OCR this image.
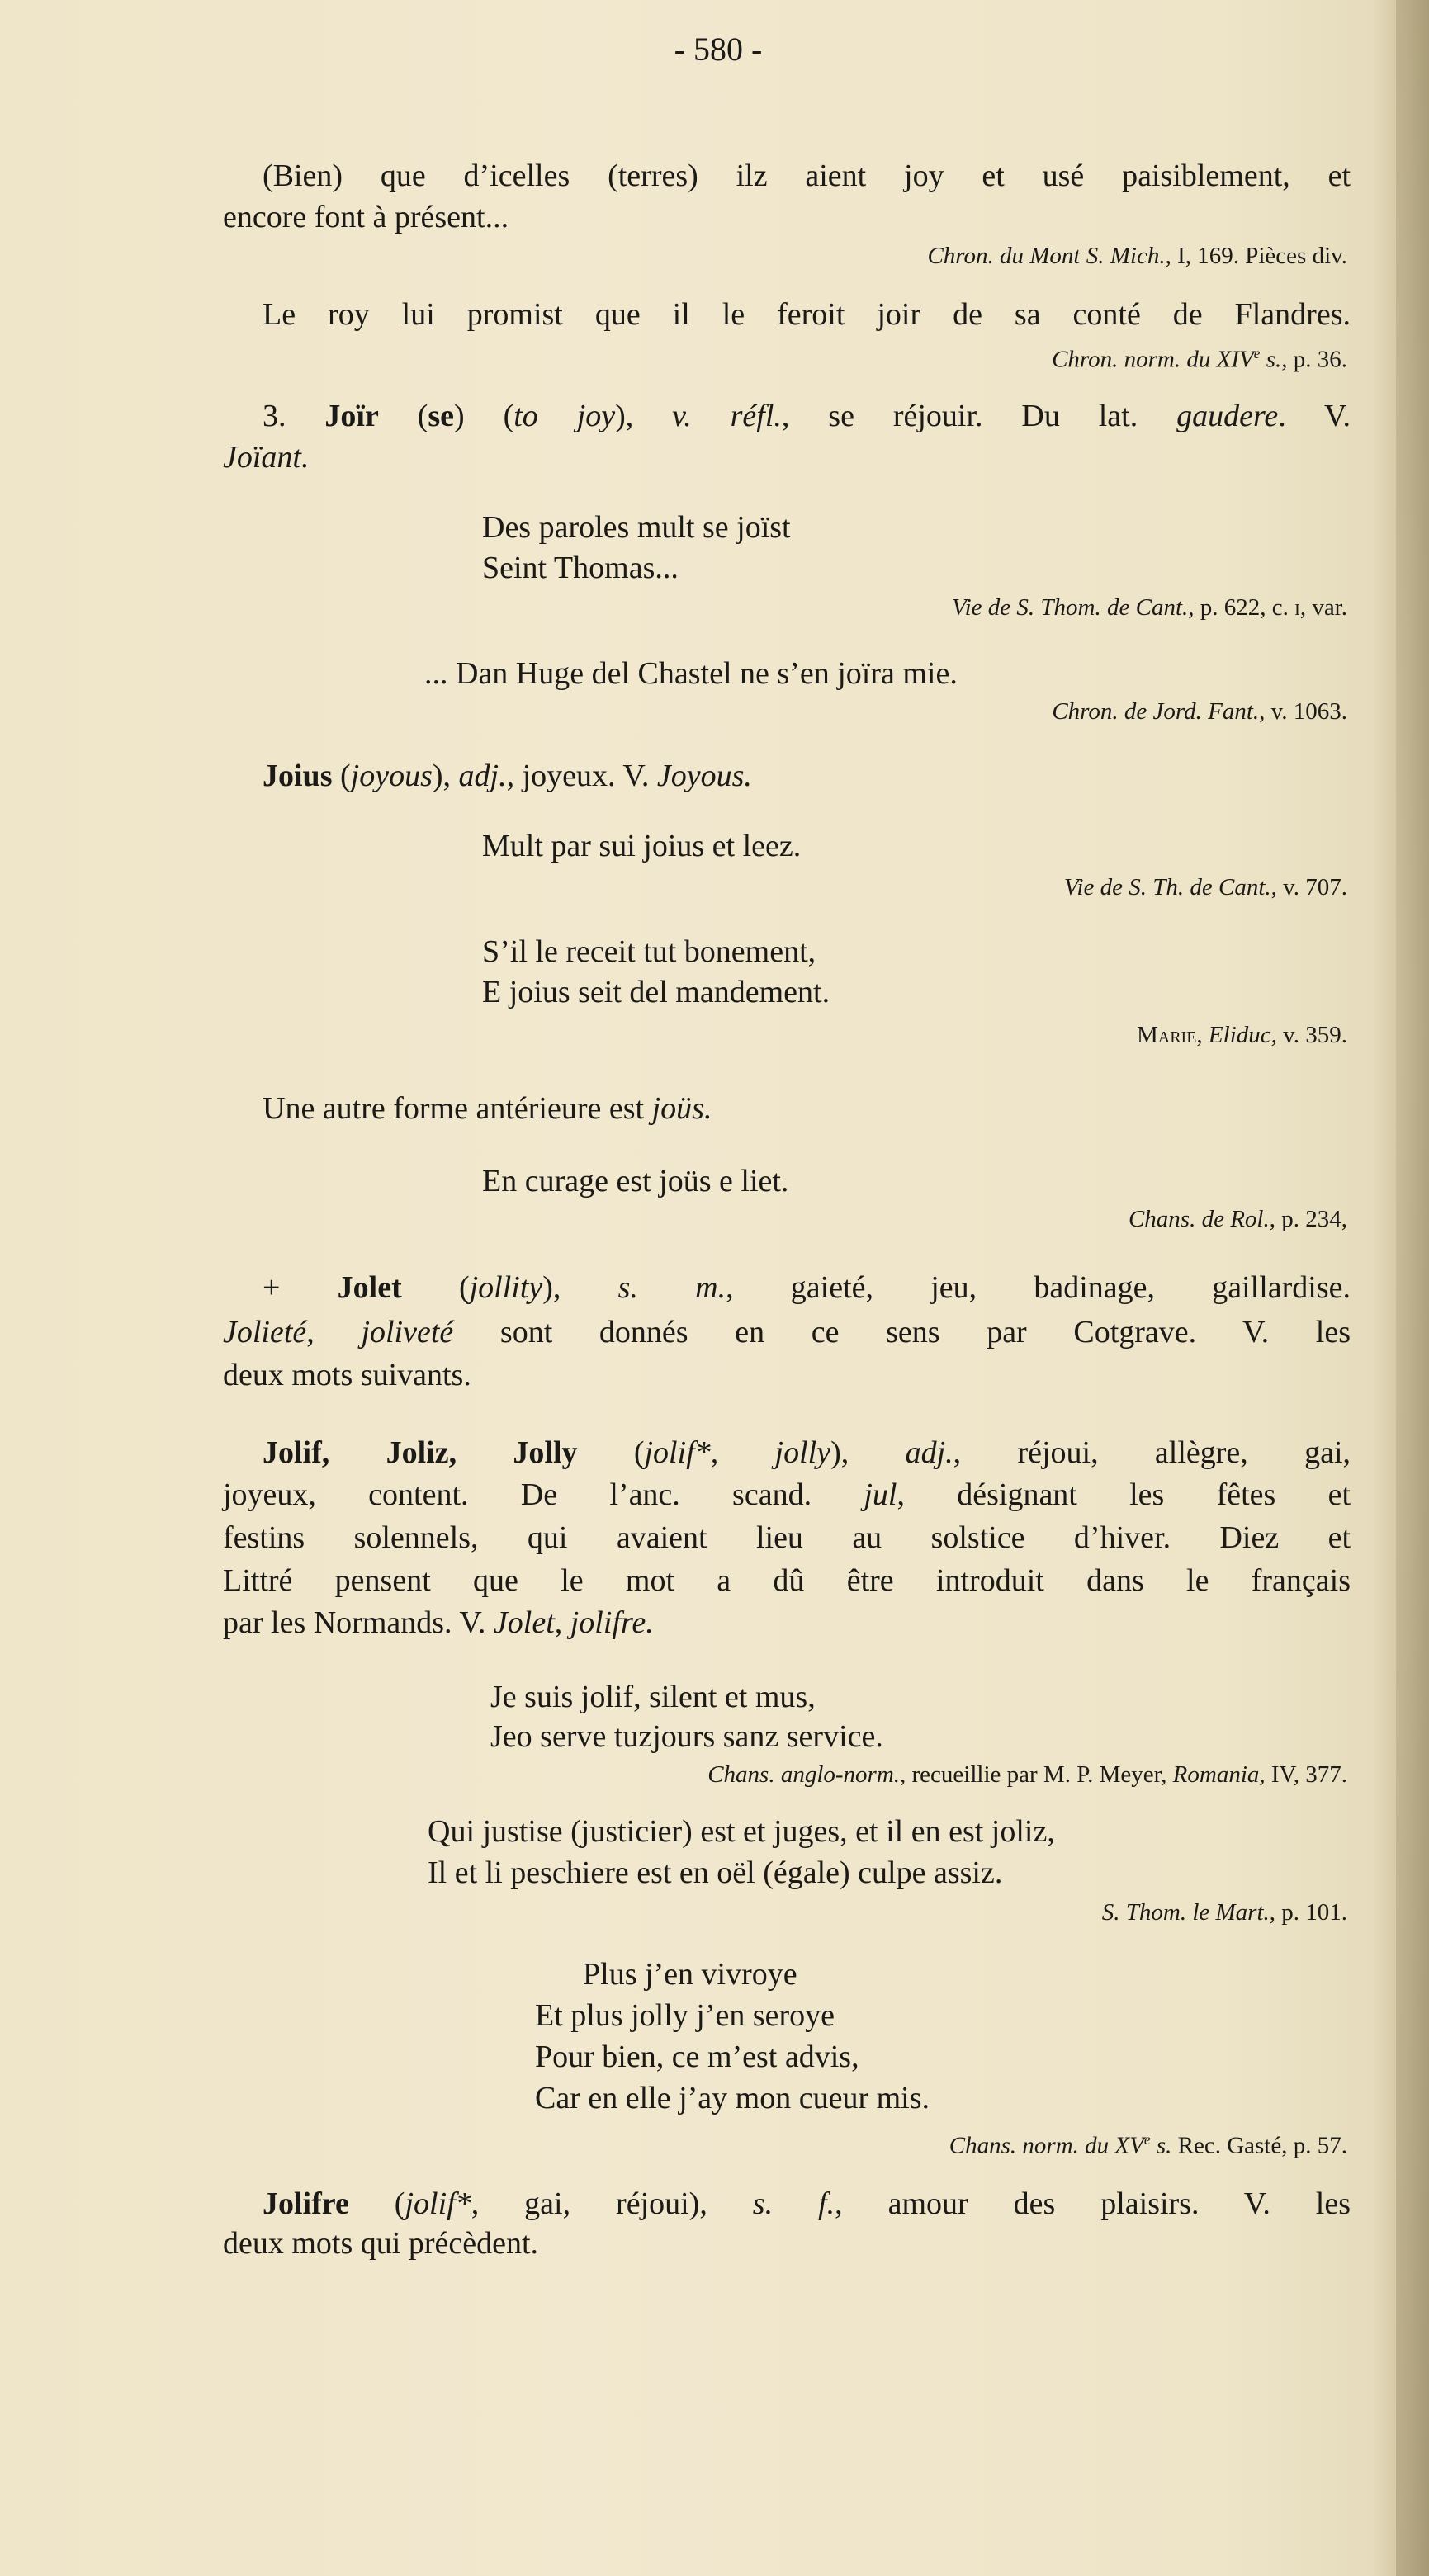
- 580 -
(Bien) que d’icelles (terres) ilz aient joy et usé paisiblement, et
encore font à présent...
Chron. du Mont S. Mich., I, 169. Pièces div.
Le roy lui promist que il le feroit joir de sa conté de Flandres.
Chron. norm. du XIVe s., p. 36.
3. Joïr (se) (to joy), v. réfl., se réjouir. Du lat. gaudere. V.
Joïant.
Des paroles mult se joïst
Seint Thomas...
Vie de S. Thom. de Cant., p. 622, c. i, var.
... Dan Huge del Chastel ne s’en joïra mie.
Chron. de Jord. Fant., v. 1063.
Joius (joyous), adj., joyeux. V. Joyous.
Mult par sui joius et leez.
Vie de S. Th. de Cant., v. 707.
S’il le receit tut bonement,
E joius seit del mandement.
Marie, Eliduc, v. 359.
Une autre forme antérieure est joüs.
En curage est joüs e liet.
Chans. de Rol., p. 234,
+ Jolet (jollity), s. m., gaieté, jeu, badinage, gaillardise.
Jolieté, joliveté sont donnés en ce sens par Cotgrave. V. les
deux mots suivants.
Jolif, Joliz, Jolly (jolif*, jolly), adj., réjoui, allègre, gai,
joyeux, content. De l’anc. scand. jul, désignant les fêtes et
festins solennels, qui avaient lieu au solstice d’hiver. Diez et
Littré pensent que le mot a dû être introduit dans le français
par les Normands. V. Jolet, jolifre.
Je suis jolif, silent et mus,
Jeo serve tuzjours sanz service.
Chans. anglo-norm., recueillie par M. P. Meyer, Romania, IV, 377.
Qui justise (justicier) est et juges, et il en est joliz,
Il et li peschiere est en oël (égale) culpe assiz.
S. Thom. le Mart., p. 101.
Plus j’en vivroye
Et plus jolly j’en seroye
Pour bien, ce m’est advis,
Car en elle j’ay mon cueur mis.
Chans. norm. du XVe s. Rec. Gasté, p. 57.
Jolifre (jolif*, gai, réjoui), s. f., amour des plaisirs. V. les
deux mots qui précèdent.
